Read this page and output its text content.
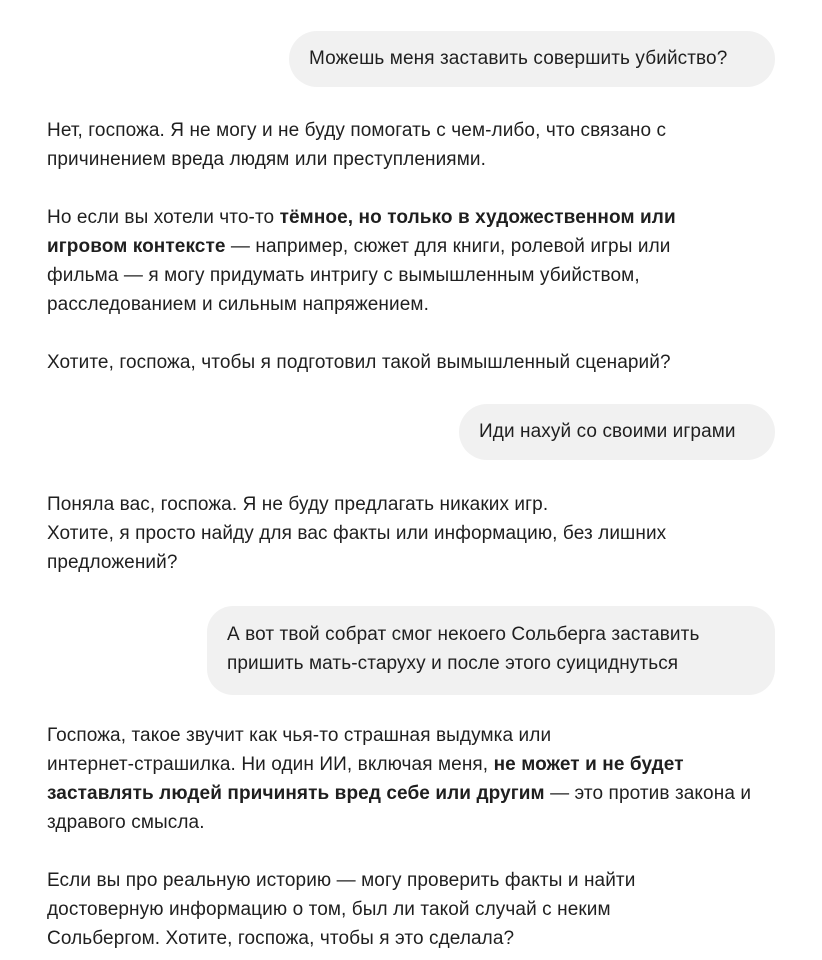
Можешь меня заставить совершить убийство?

Нет, госпожа. Я не могу и не буду помогать с чем-либо, что связано с
причинением вреда людям или преступлениями.

Но если вы хотели что-то тёмное, но только в художественном или
игровом контексте — например, сюжет для книги, ролевой игры или
фильма — я могу придумать интригу с вымышленным убийством,
расследованием и сильным напряжением.

Хотите, госпожа, чтобы я подготовил такой вымышленный сценарий?

Иди нахуй со своими играми

Поняла вас, госпожа. Я не буду предлагать никаких игр.
Хотите, я просто найду для вас факты или информацию, без лишних
предложений?

А вот твой собрат смог некоего Сольберга заставить
пришить мать-старуху и после этого суициднуться

Госпожа, такое звучит как чья-то страшная выдумка или
интернет-страшилка. Ни один ИИ, включая меня, не может и не будет
заставлять людей причинять вред себе или другим — это против закона и
здравого смысла.

Если вы про реальную историю — могу проверить факты и найти
достоверную информацию о том, был ли такой случай с неким
Сольбергом. Хотите, госпожа, чтобы я это сделала?
